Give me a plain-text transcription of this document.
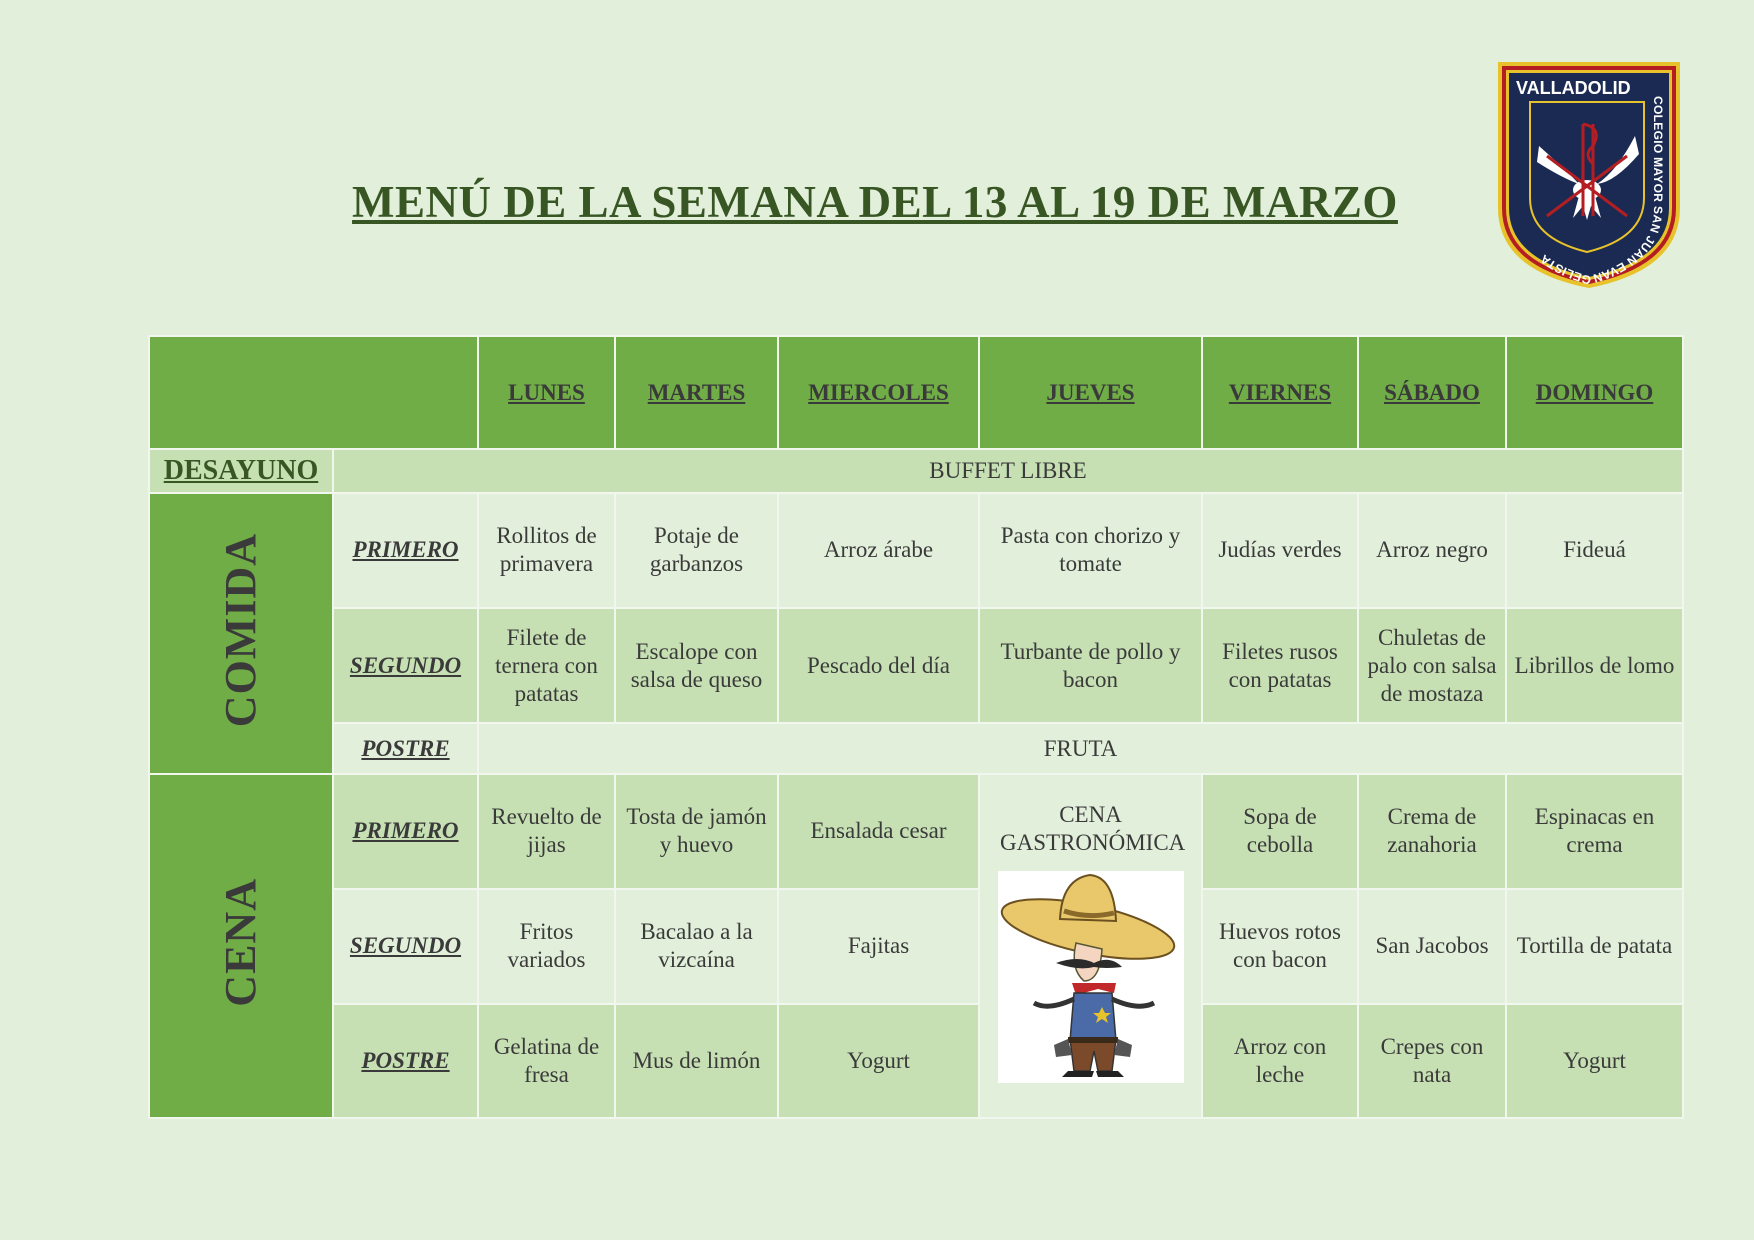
MENÚ DE LA SEMANA DEL 13 AL 19 DE MARZO
VALLADOLID
COLEGIO MAYOR SAN JUAN EVANGELISTA
		LUNES	MARTES	MIERCOLES	JUEVES	VIERNES	SÁBADO	DOMINGO
DESAYUNO	BUFFET LIBRE							
COMIDA	PRIMERO	Rollitos de primavera	Potaje de garbanzos	Arroz árabe	Pasta con chorizo y tomate	Judías verdes	Arroz negro	Fideuá
	SEGUNDO	Filete de ternera con patatas	Escalope con salsa de queso	Pescado del día	Turbante de pollo y bacon	Filetes rusos con patatas	Chuletas de palo con salsa de mostaza	Librillos de lomo
	POSTRE	FRUTA						
CENA	PRIMERO	Revuelto de jijas	Tosta de jamón y huevo	Ensalada cesar	CENA GASTRONÓMICA	Sopa de cebolla	Crema de zanahoria	Espinacas en crema
	SEGUNDO	Fritos variados	Bacalao a la vizcaína	Fajitas		Huevos rotos con bacon	San Jacobos	Tortilla de patata
	POSTRE	Gelatina de fresa	Mus de limón	Yogurt		Arroz con leche	Crepes con nata	Yogurt
